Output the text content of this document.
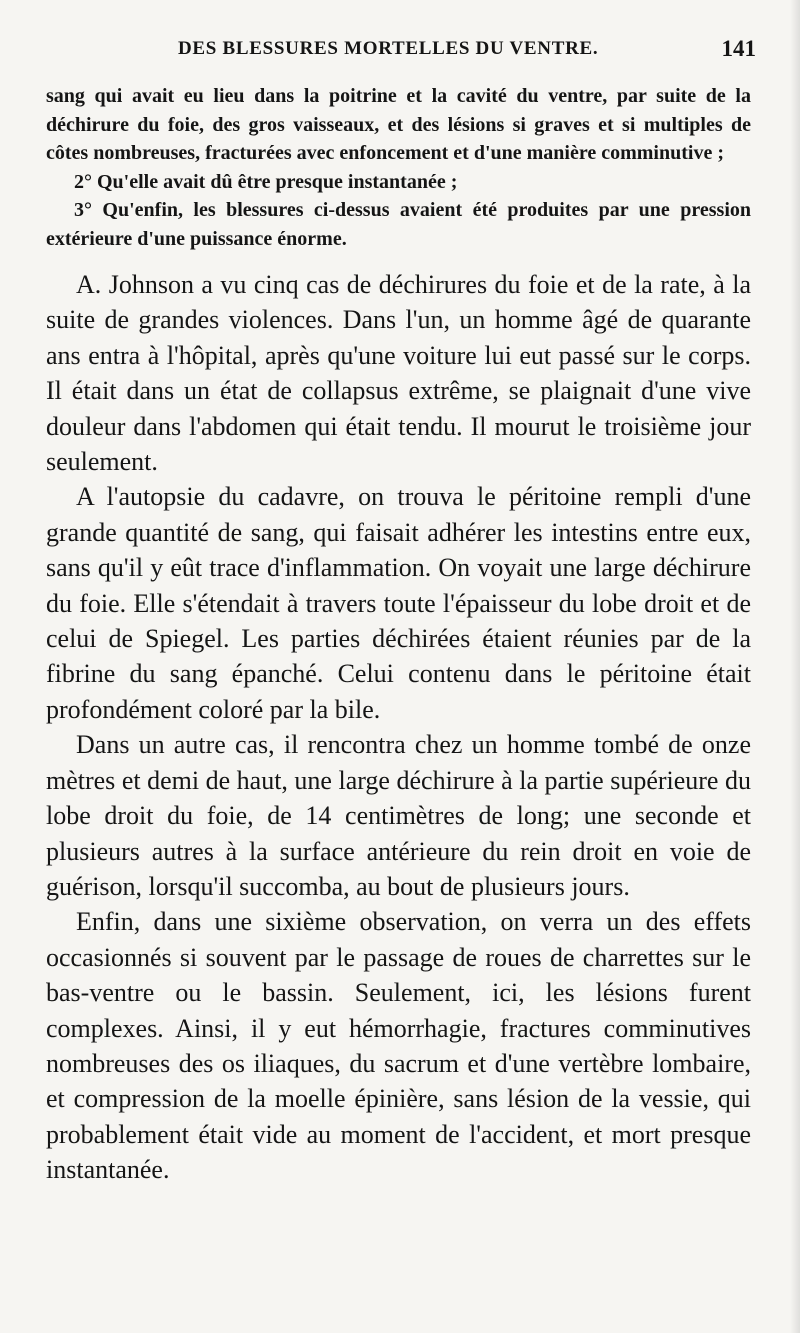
DES BLESSURES MORTELLES DU VENTRE.	141

sang qui avait eu lieu dans la poitrine et la cavité du ventre, par suite de la déchirure du foie, des gros vaisseaux, et des lésions si graves et si multiples de côtes nombreuses, fracturées avec enfoncement et d'une manière comminutive ;

2° Qu'elle avait dû être presque instantanée ;

3° Qu'enfin, les blessures ci-dessus avaient été produites par une pression extérieure d'une puissance énorme.

A. Johnson a vu cinq cas de déchirures du foie et de la rate, à la suite de grandes violences. Dans l'un, un homme âgé de quarante ans entra à l'hôpital, après qu'une voiture lui eut passé sur le corps. Il était dans un état de collapsus extrême, se plaignait d'une vive douleur dans l'abdomen qui était tendu. Il mourut le troisième jour seulement.

A l'autopsie du cadavre, on trouva le péritoine rempli d'une grande quantité de sang, qui faisait adhérer les intestins entre eux, sans qu'il y eût trace d'inflammation. On voyait une large déchirure du foie. Elle s'étendait à travers toute l'épaisseur du lobe droit et de celui de Spiegel. Les parties déchirées étaient réunies par de la fibrine du sang épanché. Celui contenu dans le péritoine était profondément coloré par la bile.

Dans un autre cas, il rencontra chez un homme tombé de onze mètres et demi de haut, une large déchirure à la partie supérieure du lobe droit du foie, de 14 centimètres de long; une seconde et plusieurs autres à la surface antérieure du rein droit en voie de guérison, lorsqu'il succomba, au bout de plusieurs jours.

Enfin, dans une sixième observation, on verra un des effets occasionnés si souvent par le passage de roues de charrettes sur le bas-ventre ou le bassin. Seulement, ici, les lésions furent complexes. Ainsi, il y eut hémorrhagie, fractures comminutives nombreuses des os iliaques, du sacrum et d'une vertèbre lombaire, et compression de la moelle épinière, sans lésion de la vessie, qui probablement était vide au moment de l'accident, et mort presque instantanée.
